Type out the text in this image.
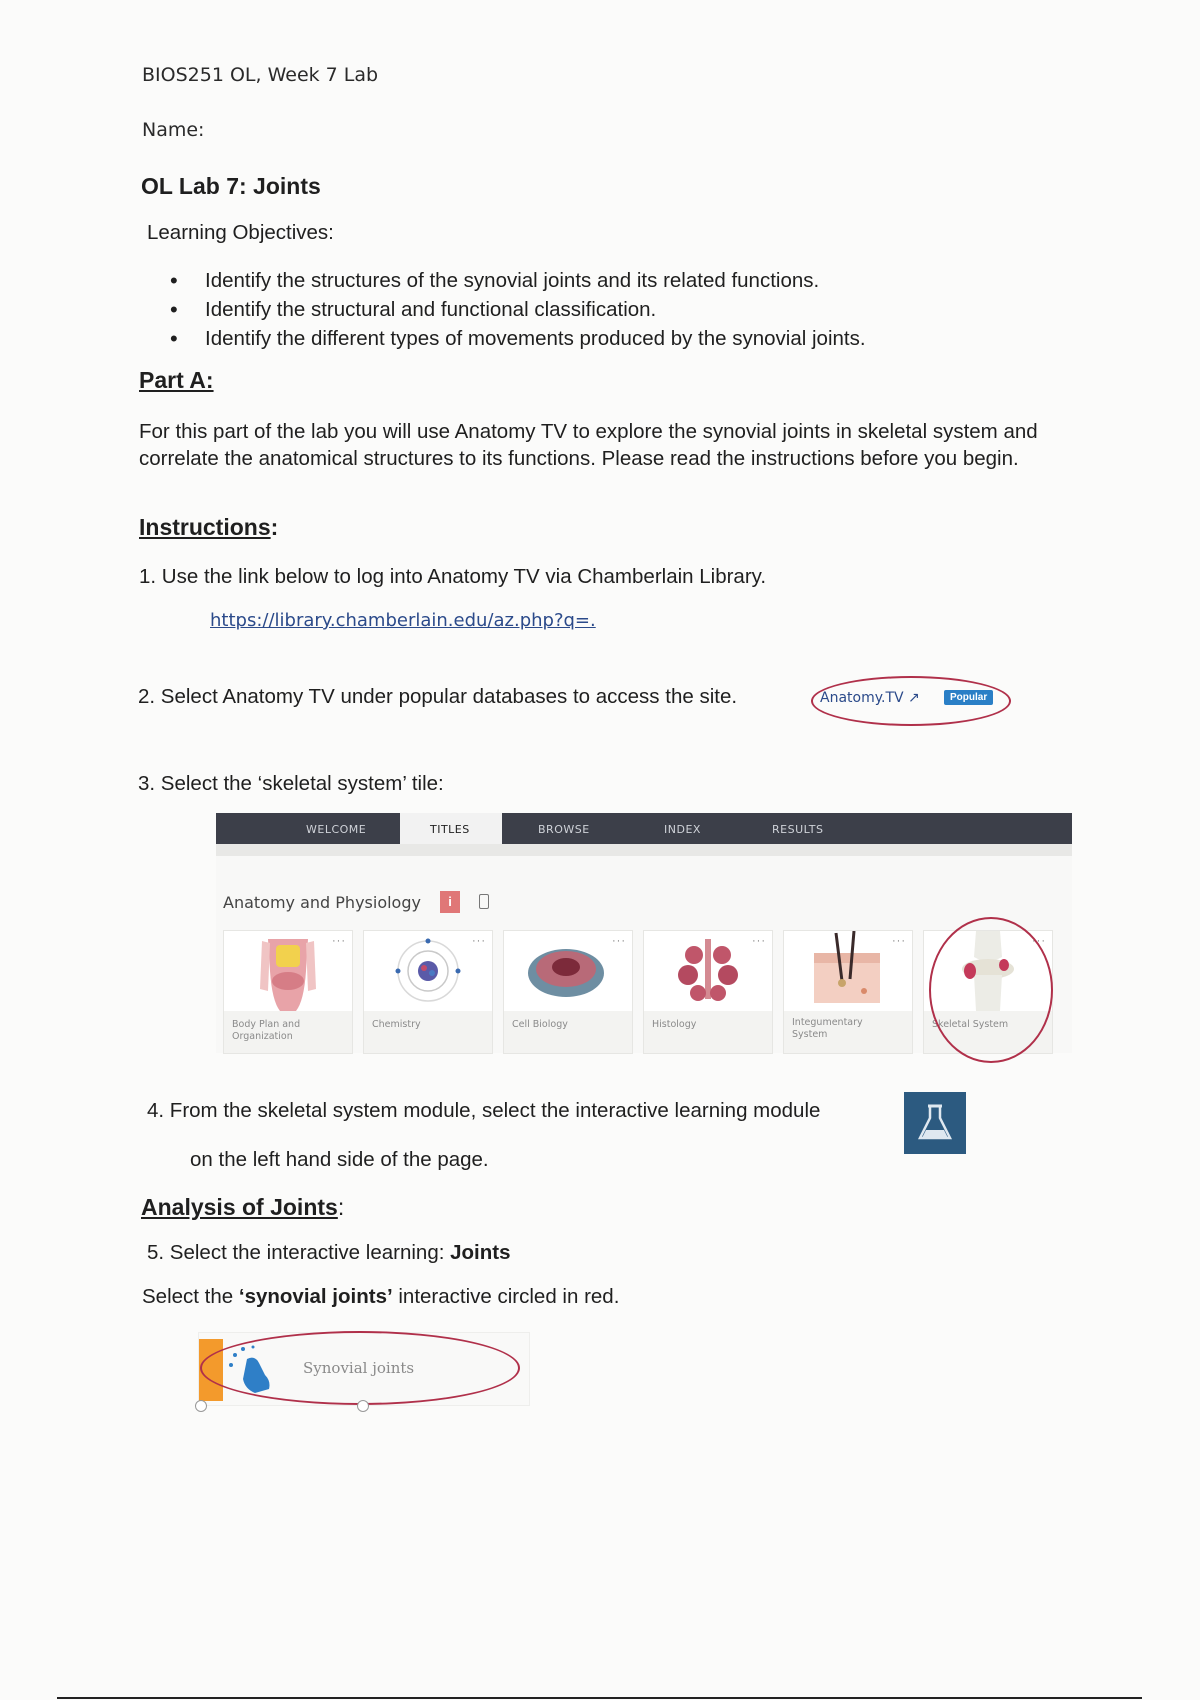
BIOS251 OL, Week 7 Lab
Name:
OL Lab 7: Joints
Learning Objectives:
• Identify the structures of the synovial joints and its related functions.
• Identify the structural and functional classification.
• Identify the different types of movements produced by the synovial joints.
Part A:
For this part of the lab you will use Anatomy TV to explore the synovial joints in skeletal system and correlate the anatomical structures to its functions. Please read the instructions before you begin.
Instructions:
1. Use the link below to log into Anatomy TV via Chamberlain Library.
https://library.chamberlain.edu/az.php?q=.
2. Select Anatomy TV under popular databases to access the site.	Anatomy.TV ↗	Popular
3. Select the ‘skeletal system’ tile:
WELCOME	TITLES	BROWSE	INDEX	RESULTS
Anatomy and Physiology	i
···
Body Plan and Organization
···
Chemistry
···
Cell Biology
···
Histology
···
Integumentary System
···
Skeletal System
4. From the skeletal system module, select the interactive learning module
on the left hand side of the page.
Analysis of Joints:
5. Select the interactive learning: Joints
Select the ‘synovial joints’ interactive circled in red.
Synovial joints
